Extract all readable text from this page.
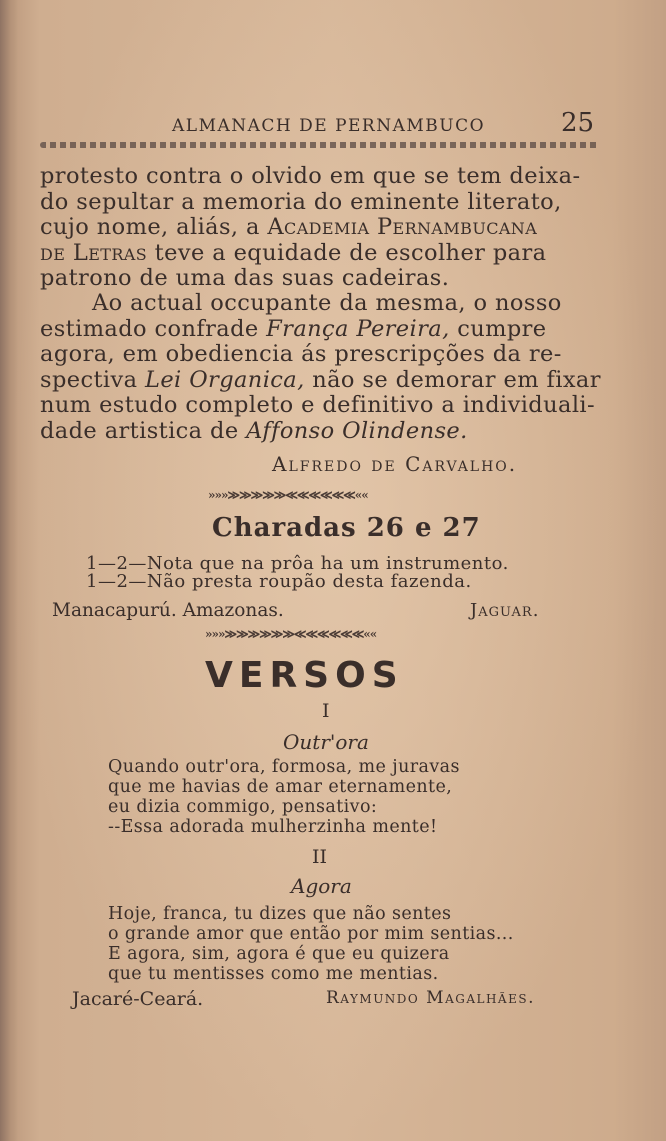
ALMANACH DE PERNAMBUCO	25
protesto contra o olvido em que se tem deixa-
do sepultar a memoria do eminente literato,
cujo nome, aliás, a Academia Pernambucana
de Letras teve a equidade de escolher para
patrono de uma das suas cadeiras.
Ao actual occupante da mesma, o nosso
estimado confrade França Pereira, cumpre
agora, em obediencia ás prescripções da re-
spectiva Lei Organica, não se demorar em fixar
num estudo completo e definitivo a individuali-
dade artistica de Affonso Olindense.
Alfredo de Carvalho.
»»»≫≫≫≫≫≪≪≪≪≪≪««
Charadas 26 e 27
1—2—Nota que na prôa ha um instrumento.
1—2—Não presta roupão desta fazenda.
Manacapurú. Amazonas.	Jaguar.
»»»≫≫≫≫≫≫≪≪≪≪≪≪««
VERSOS
I
Outr'ora
Quando outr'ora, formosa, me juravas
que me havias de amar eternamente,
eu dizia commigo, pensativo:
--Essa adorada mulherzinha mente!
II
Agora
Hoje, franca, tu dizes que não sentes
o grande amor que então por mim sentias...
E agora, sim, agora é que eu quizera
que tu mentisses como me mentias.
Jacaré-Ceará.	Raymundo Magalhães.
